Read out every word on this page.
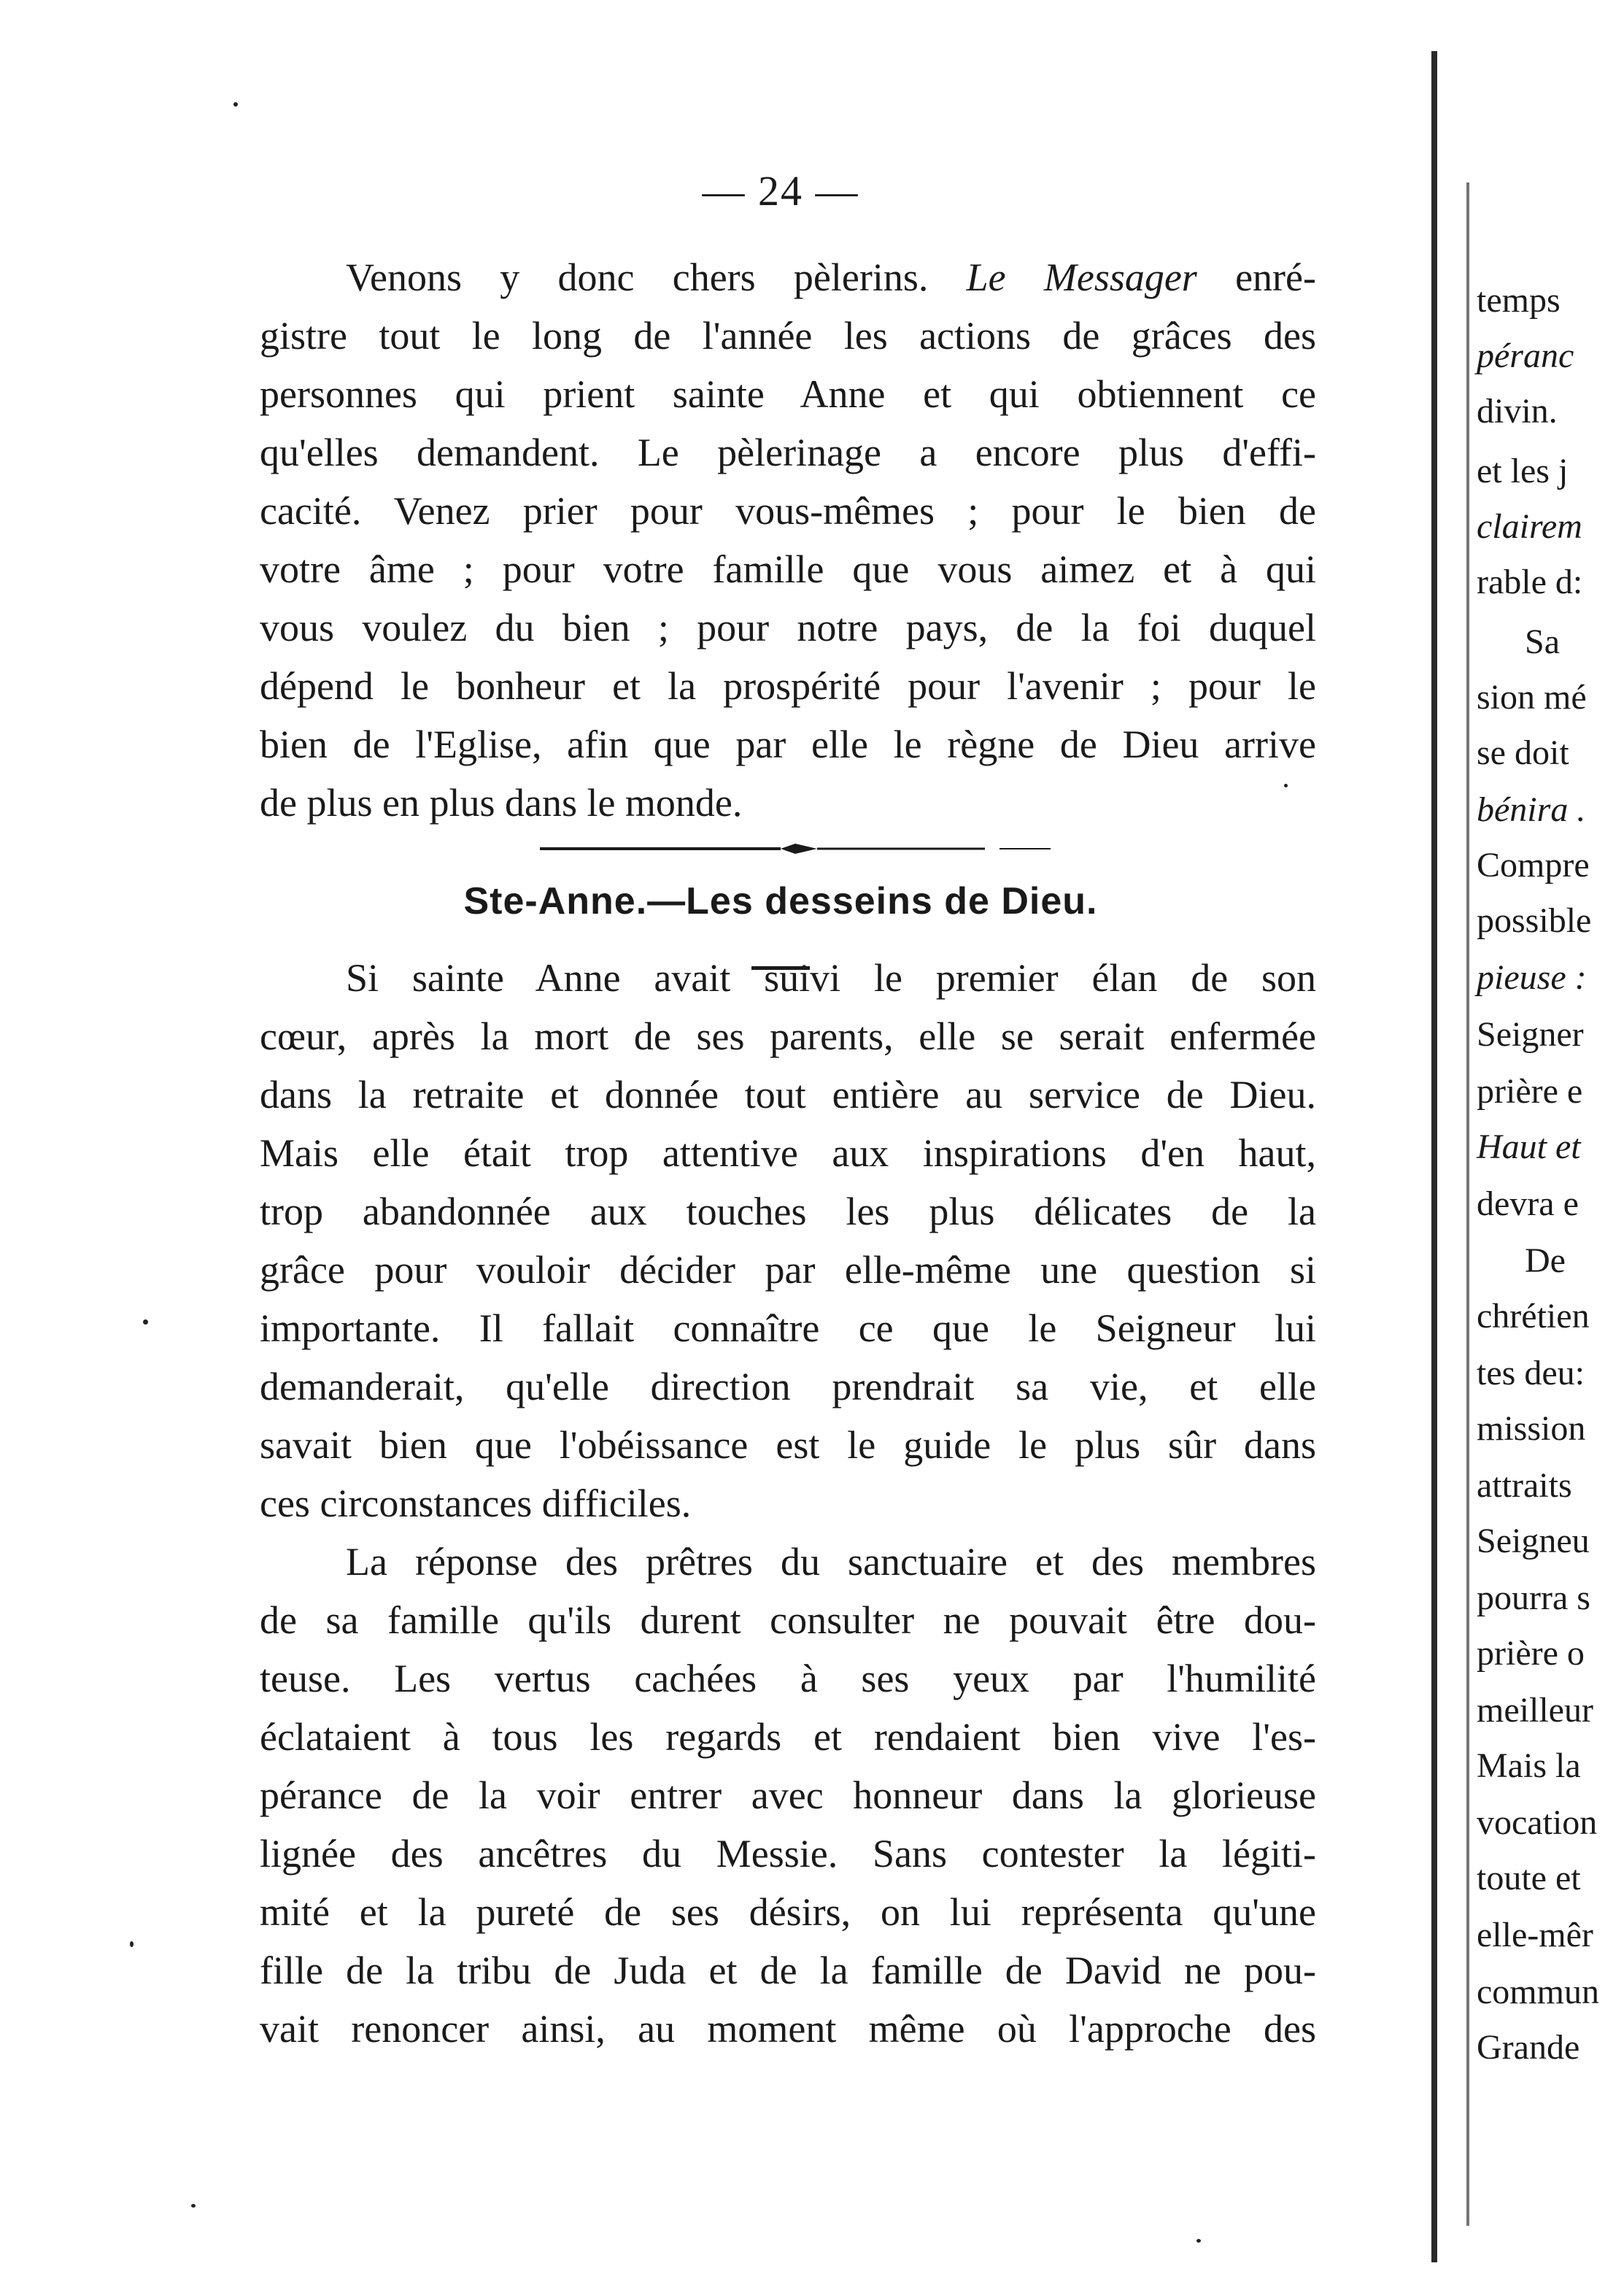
— 24 —
Venons y donc chers pèlerins. Le Messager enré-
gistre tout le long de l'année les actions de grâces des
personnes qui prient sainte Anne et qui obtiennent ce
qu'elles demandent. Le pèlerinage a encore plus d'effi-
cacité. Venez prier pour vous-mêmes ; pour le bien de
votre âme ; pour votre famille que vous aimez et à qui
vous voulez du bien ; pour notre pays, de la foi duquel
dépend le bonheur et la prospérité pour l'avenir ; pour le
bien de l'Eglise, afin que par elle le règne de Dieu arrive
de plus en plus dans le monde.
Ste-Anne.—Les desseins de Dieu.
Si sainte Anne avait suivi le premier élan de son
cœur, après la mort de ses parents, elle se serait enfermée
dans la retraite et donnée tout entière au service de Dieu.
Mais elle était trop attentive aux inspirations d'en haut,
trop abandonnée aux touches les plus délicates de la
grâce pour vouloir décider par elle-même une question si
importante. Il fallait connaître ce que le Seigneur lui
demanderait, qu'elle direction prendrait sa vie, et elle
savait bien que l'obéissance est le guide le plus sûr dans
ces circonstances difficiles.
La réponse des prêtres du sanctuaire et des membres
de sa famille qu'ils durent consulter ne pouvait être dou-
teuse. Les vertus cachées à ses yeux par l'humilité
éclataient à tous les regards et rendaient bien vive l'es-
pérance de la voir entrer avec honneur dans la glorieuse
lignée des ancêtres du Messie. Sans contester la légiti-
mité et la pureté de ses désirs, on lui représenta qu'une
fille de la tribu de Juda et de la famille de David ne pou-
vait renoncer ainsi, au moment même où l'approche des
temps
péranc
divin.
et les j
clairem
rable d:
Sa
sion mé
se doit
bénira .
Compre
possible
pieuse :
Seigner
prière e
Haut et
devra e
De
chrétien
tes deu:
mission
attraits
Seigneu
pourra s
prière o
meilleur
Mais la
vocation
toute et
elle-mêr
commun
Grande
